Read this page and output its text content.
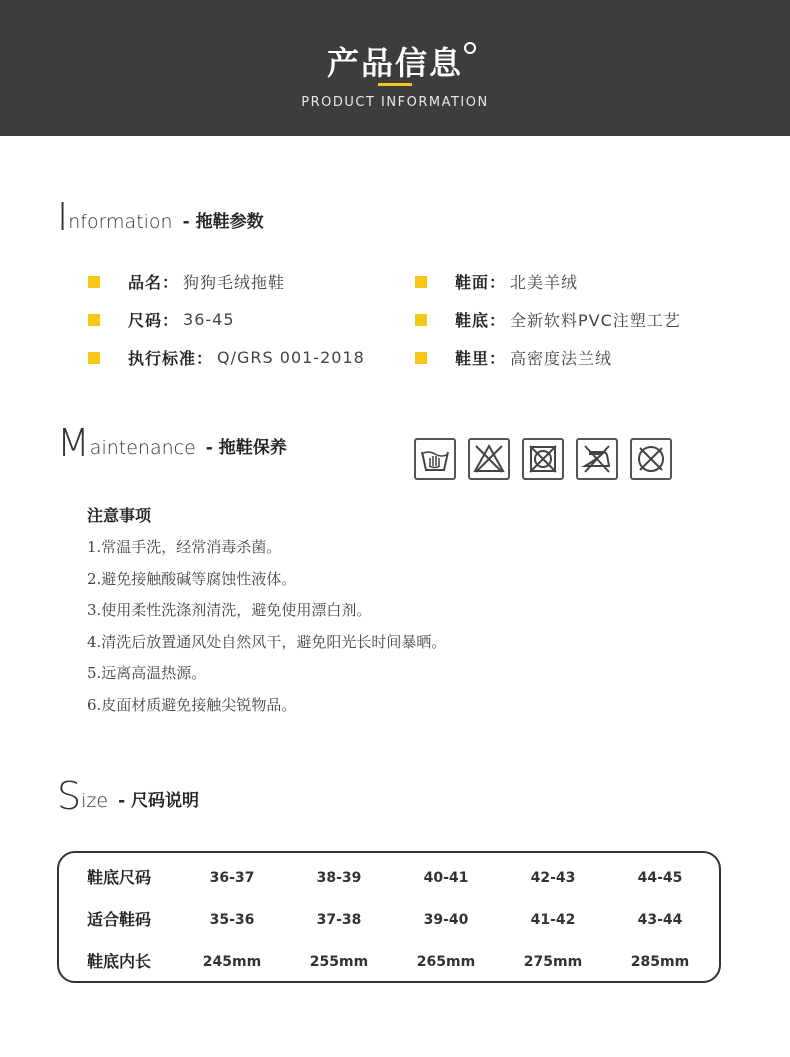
产品信息
PRODUCT INFORMATION
I nformation - 拖鞋参数
品名： 狗狗毛绒拖鞋	鞋面： 北美羊绒
尺码： 36-45	鞋底： 全新软料PVC注塑工艺
执行标准： Q/GRS 001-2018	鞋里： 高密度法兰绒
M aintenance - 拖鞋保养
注意事项
1.常温手洗，经常消毒杀菌。
2.避免接触酸碱等腐蚀性液体。
3.使用柔性洗涤剂清洗，避免使用漂白剂。
4.清洗后放置通风处自然风干，避免阳光长时间暴晒。
5.远离高温热源。
6.皮面材质避免接触尖锐物品。
S ize - 尺码说明
鞋底尺码	36-37	38-39	40-41	42-43	44-45
适合鞋码	35-36	37-38	39-40	41-42	43-44
鞋底内长	245mm	255mm	265mm	275mm	285mm
